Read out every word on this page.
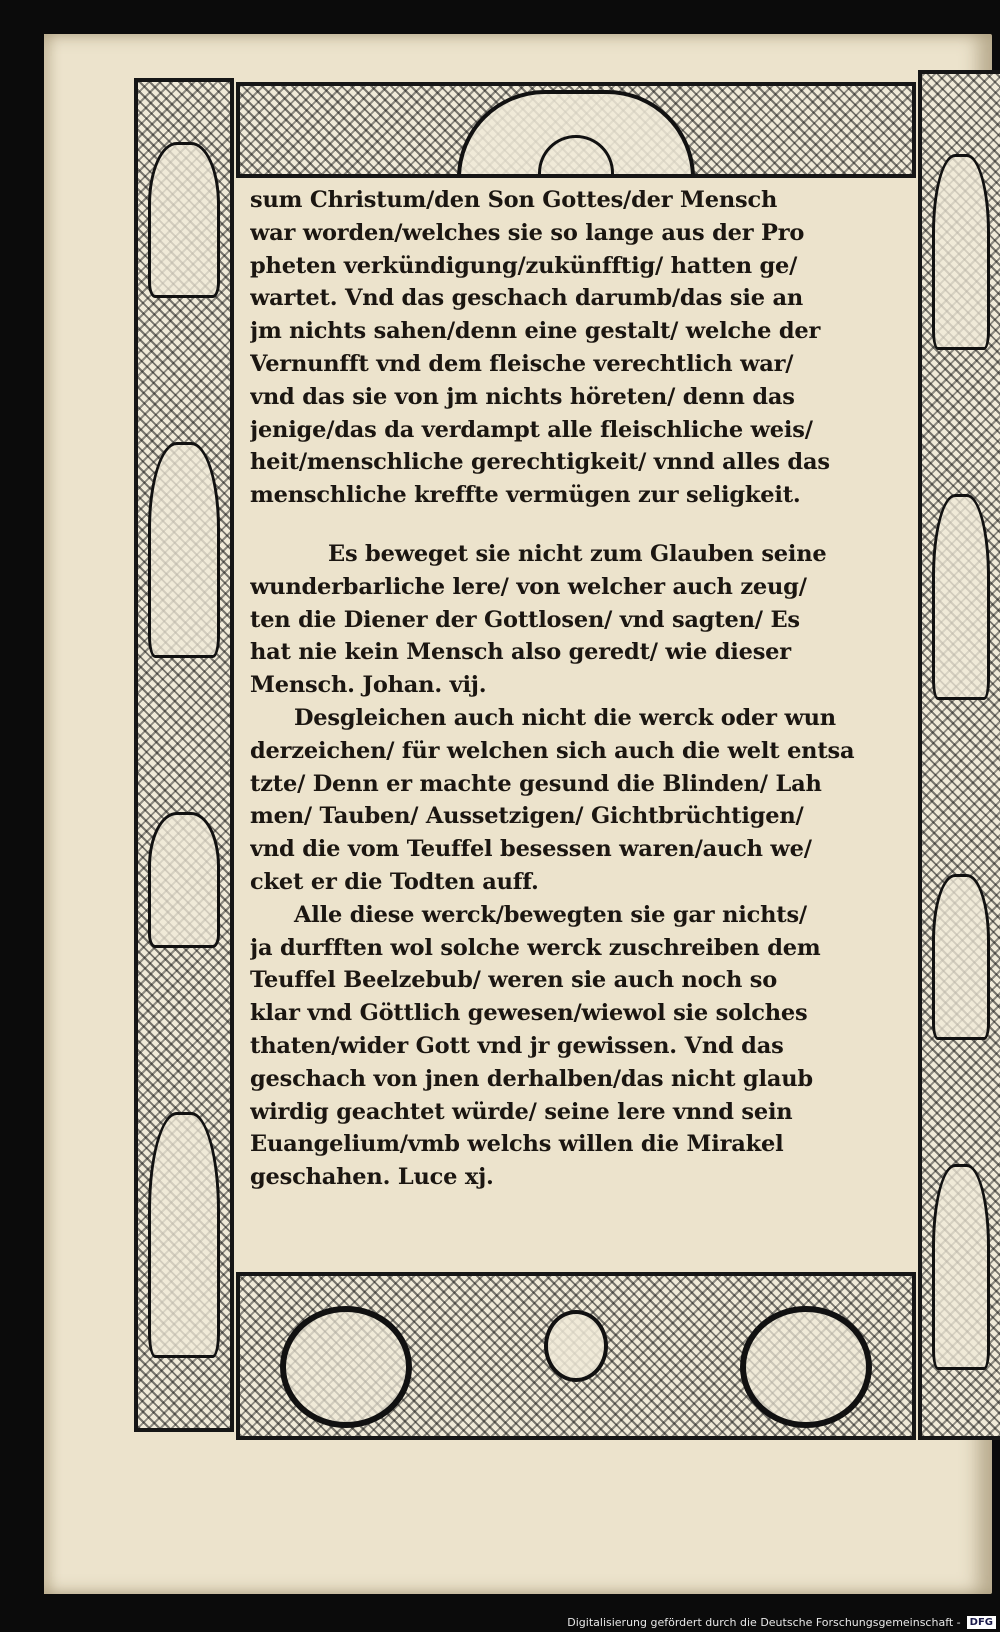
sum Christum/den Son Gottes/der Mensch
war worden/welches sie so lange aus der Pro
pheten verkündigung/zukünfftig/ hatten ge/
wartet. Vnd das geschach darumb/das sie an
jm nichts sahen/denn eine gestalt/ welche der
Vernunfft vnd dem fleische verechtlich war/
vnd das sie von jm nichts höreten/ denn das
jenige/das da verdampt alle fleischliche weis/
heit/menschliche gerechtigkeit/ vnnd alles das
menschliche kreffte vermügen zur seligkeit.
Es beweget sie nicht zum Glauben seine
wunderbarliche lere/ von welcher auch zeug/
ten die Diener der Gottlosen/ vnd sagten/ Es
hat nie kein Mensch also geredt/ wie dieser
Mensch. Johan. vij.
Desgleichen auch nicht die werck oder wun
derzeichen/ für welchen sich auch die welt entsa
tzte/ Denn er machte gesund die Blinden/ Lah
men/ Tauben/ Aussetzigen/ Gichtbrüchtigen/
vnd die vom Teuffel besessen waren/auch we/
cket er die Todten auff.
Alle diese werck/bewegten sie gar nichts/
ja durfften wol solche werck zuschreiben dem
Teuffel Beelzebub/ weren sie auch noch so
klar vnd Göttlich gewesen/wiewol sie solches
thaten/wider Gott vnd jr gewissen. Vnd das
geschach von jnen derhalben/das nicht glaub
wirdig geachtet würde/ seine lere vnnd sein
Euangelium/vmb welchs willen die Mirakel
geschahen. Luce xj.
Digitalisierung gefördert durch die Deutsche Forschungsgemeinschaft - DFG
